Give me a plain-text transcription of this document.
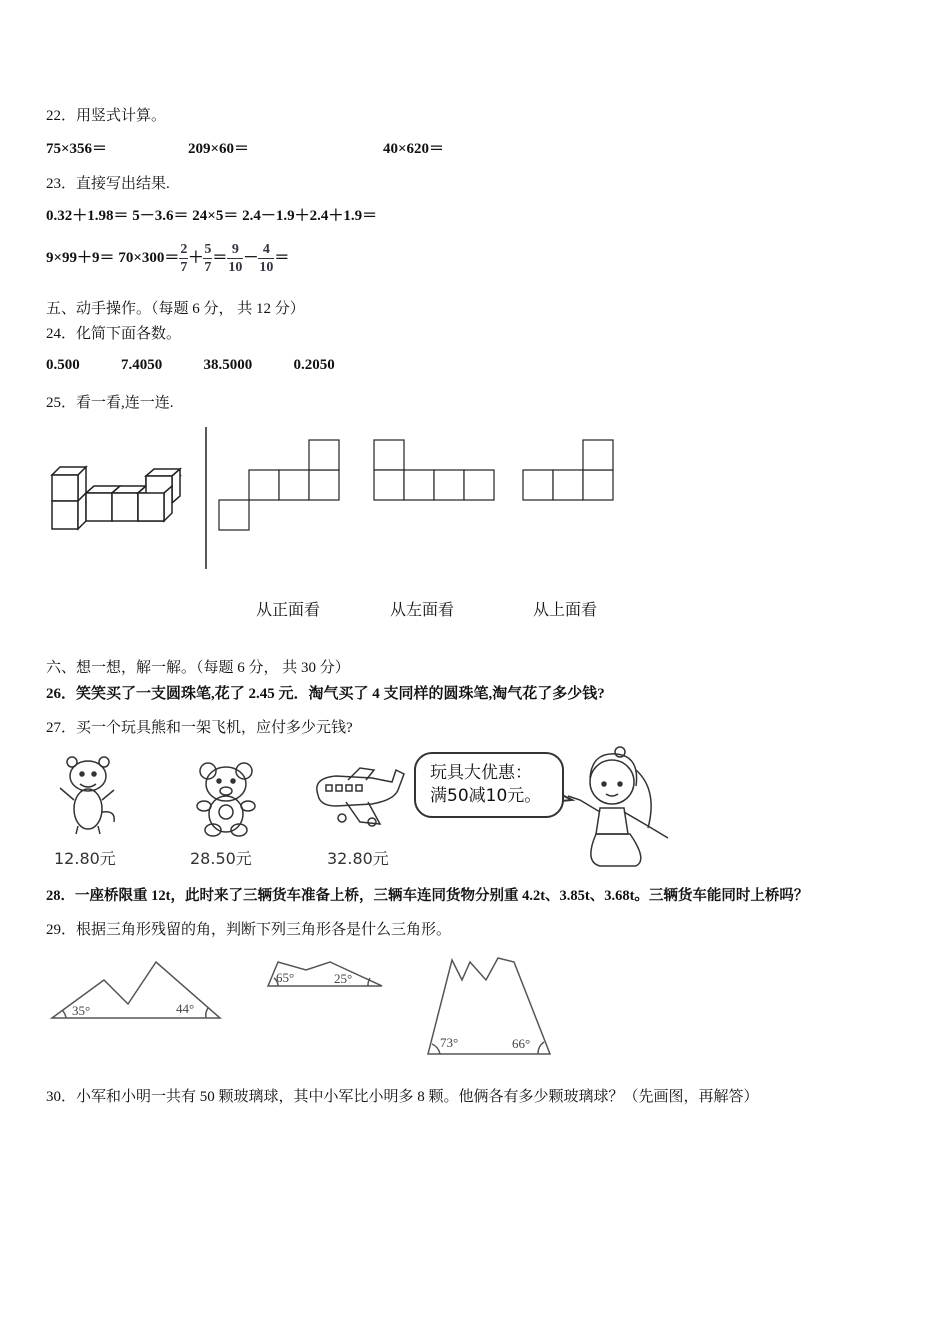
22．用竖式计算。
75×356＝	209×60＝	40×620＝
23．直接写出结果.
0.32＋1.98＝ 5－3.6＝ 24×5＝ 2.4－1.9＋2.4＋1.9＝
$9\times 99+9= 70\times 300= \frac{2}{7} + \frac{5}{7} = \frac{9}{10} - \frac{4}{10}$ ＝
五、动手操作。（每题 6 分， 共 12 分）
24．化简下面各数。
0.500	7.4050	38.5000	0.2050
25．看一看,连一连.
从正面看	从左面看	从上面看
六、想一想，解一解。（每题 6 分， 共 30 分）
26．笑笑买了一支圆珠笔,花了 2.45 元．淘气买了 4 支同样的圆珠笔,淘气花了多少钱?
27．买一个玩具熊和一架飞机，应付多少元钱?
12.80元	28.50元	32.80元
玩具大优惠：
满50减10元。
28．一座桥限重 12t，此时来了三辆货车准备上桥，三辆车连同货物分别重 4.2t、3.85t、3.68t。三辆货车能同时上桥吗？
29．根据三角形残留的角，判断下列三角形各是什么三角形。
35°	44°
65°	25°
73°	66°
30．小军和小明一共有 50 颗玻璃球，其中小军比小明多 8 颗。他俩各有多少颗玻璃球？（先画图，再解答）
